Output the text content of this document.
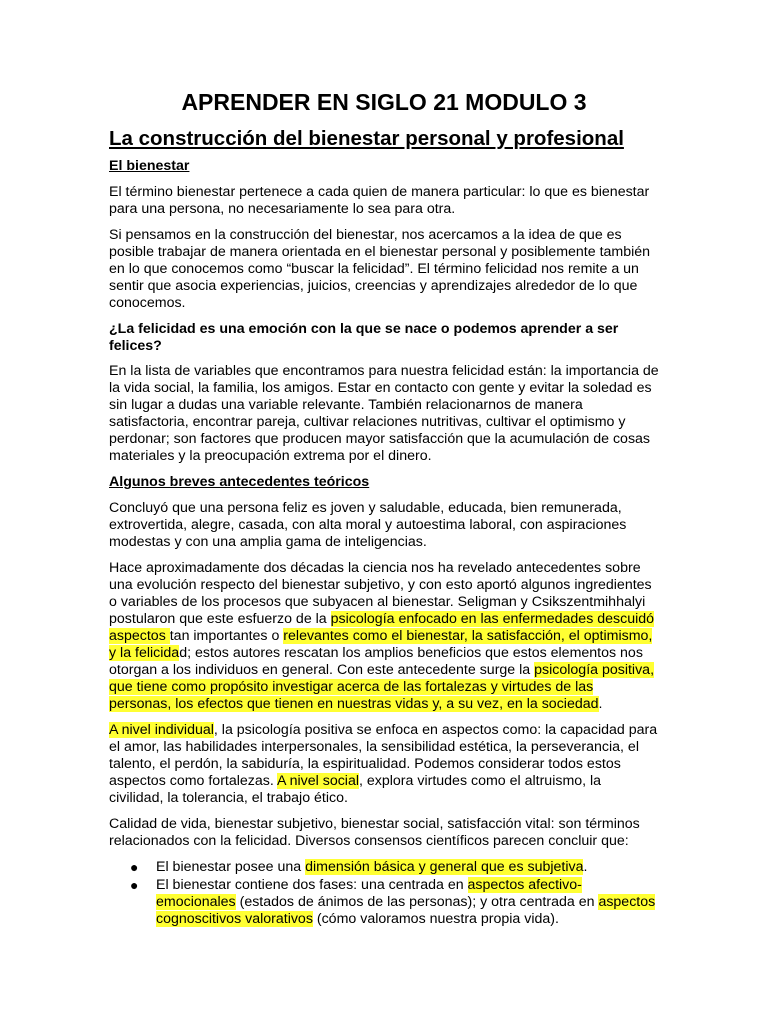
APRENDER EN SIGLO 21 MODULO 3
La construcción del bienestar personal y profesional
El bienestar

El término bienestar pertenece a cada quien de manera particular: lo que es bienestar para una persona, no necesariamente lo sea para otra.

Si pensamos en la construcción del bienestar, nos acercamos a la idea de que es posible trabajar de manera orientada en el bienestar personal y posiblemente también en lo que conocemos como “buscar la felicidad”. El término felicidad nos remite a un sentir que asocia experiencias, juicios, creencias y aprendizajes alrededor de lo que conocemos.

¿La felicidad es una emoción con la que se nace o podemos aprender a ser felices?

En la lista de variables que encontramos para nuestra felicidad están: la importancia de la vida social, la familia, los amigos. Estar en contacto con gente y evitar la soledad es sin lugar a dudas una variable relevante. También relacionarnos de manera satisfactoria, encontrar pareja, cultivar relaciones nutritivas, cultivar el optimismo y perdonar; son factores que producen mayor satisfacción que la acumulación de cosas materiales y la preocupación extrema por el dinero.

Algunos breves antecedentes teóricos

Concluyó que una persona feliz es joven y saludable, educada, bien remunerada, extrovertida, alegre, casada, con alta moral y autoestima laboral, con aspiraciones modestas y con una amplia gama de inteligencias.

Hace aproximadamente dos décadas la ciencia nos ha revelado antecedentes sobre una evolución respecto del bienestar subjetivo, y con esto aportó algunos ingredientes o variables de los procesos que subyacen al bienestar. Seligman y Csikszentmihhalyi postularon que este esfuerzo de la psicología enfocado en las enfermedades descuidó aspectos tan importantes o relevantes como el bienestar, la satisfacción, el optimismo, y la felicidad; estos autores rescatan los amplios beneficios que estos elementos nos otorgan a los individuos en general. Con este antecedente surge la psicología positiva, que tiene como propósito investigar acerca de las fortalezas y virtudes de las personas, los efectos que tienen en nuestras vidas y, a su vez, en la sociedad.

A nivel individual, la psicología positiva se enfoca en aspectos como: la capacidad para el amor, las habilidades interpersonales, la sensibilidad estética, la perseverancia, el talento, el perdón, la sabiduría, la espiritualidad. Podemos considerar todos estos aspectos como fortalezas. A nivel social, explora virtudes como el altruismo, la civilidad, la tolerancia, el trabajo ético.

Calidad de vida, bienestar subjetivo, bienestar social, satisfacción vital: son términos relacionados con la felicidad. Diversos consensos científicos parecen concluir que:

● El bienestar posee una dimensión básica y general que es subjetiva.
● El bienestar contiene dos fases: una centrada en aspectos afectivo-emocionales (estados de ánimos de las personas); y otra centrada en aspectos cognoscitivos valorativos (cómo valoramos nuestra propia vida).
